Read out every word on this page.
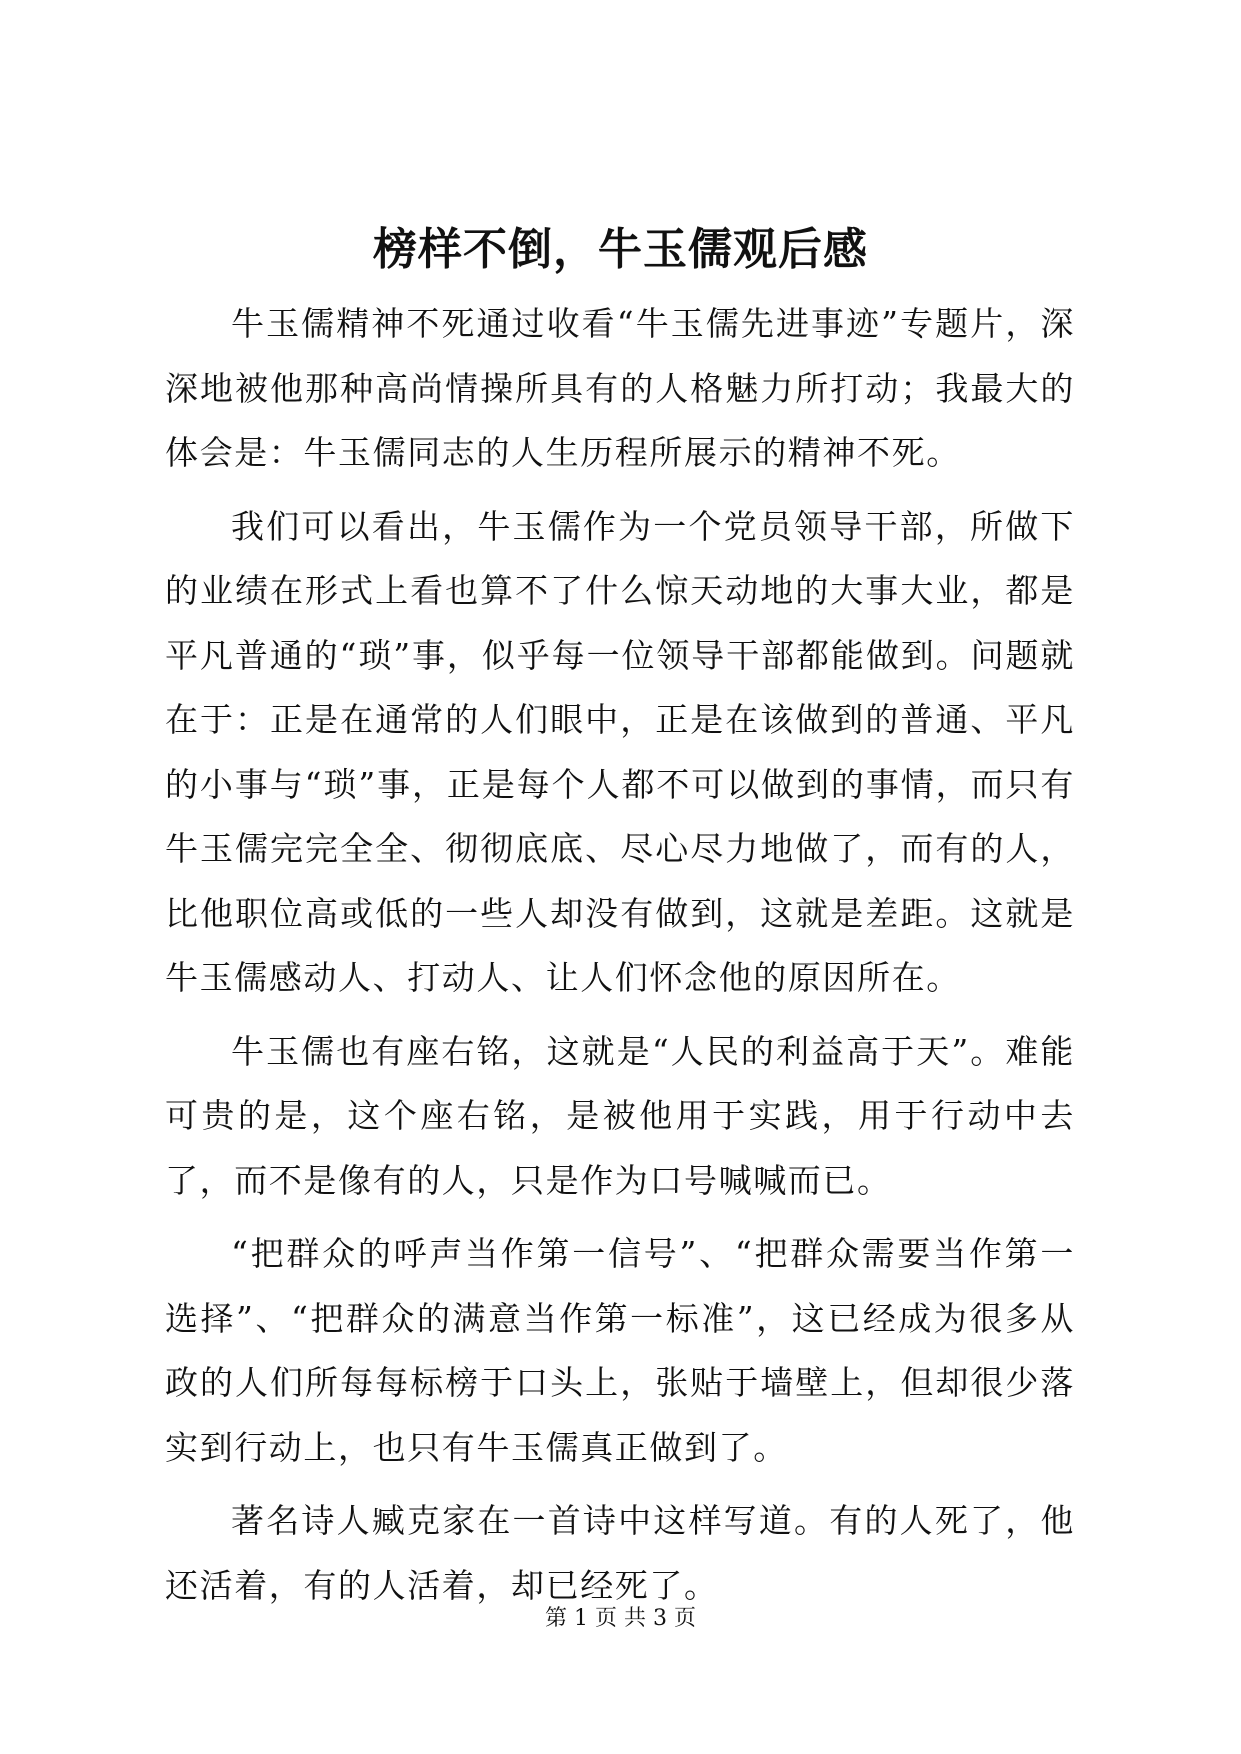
榜样不倒，牛玉儒观后感

牛玉儒精神不死通过收看“牛玉儒先进事迹”专题片，深深地被他那种高尚情操所具有的人格魅力所打动；我最大的体会是：牛玉儒同志的人生历程所展示的精神不死。

我们可以看出，牛玉儒作为一个党员领导干部，所做下的业绩在形式上看也算不了什么惊天动地的大事大业，都是平凡普通的“琐”事，似乎每一位领导干部都能做到。问题就在于：正是在通常的人们眼中，正是在该做到的普通、平凡的小事与“琐”事，正是每个人都不可以做到的事情，而只有牛玉儒完完全全、彻彻底底、尽心尽力地做了，而有的人，比他职位高或低的一些人却没有做到，这就是差距。这就是牛玉儒感动人、打动人、让人们怀念他的原因所在。

牛玉儒也有座右铭，这就是“人民的利益高于天”。难能可贵的是，这个座右铭，是被他用于实践，用于行动中去了，而不是像有的人，只是作为口号喊喊而已。

“把群众的呼声当作第一信号”、“把群众需要当作第一选择”、“把群众的满意当作第一标准”，这已经成为很多从政的人们所每每标榜于口头上，张贴于墙壁上，但却很少落实到行动上，也只有牛玉儒真正做到了。

著名诗人臧克家在一首诗中这样写道。有的人死了，他还活着，有的人活着，却已经死了。

第 1 页 共 3 页
